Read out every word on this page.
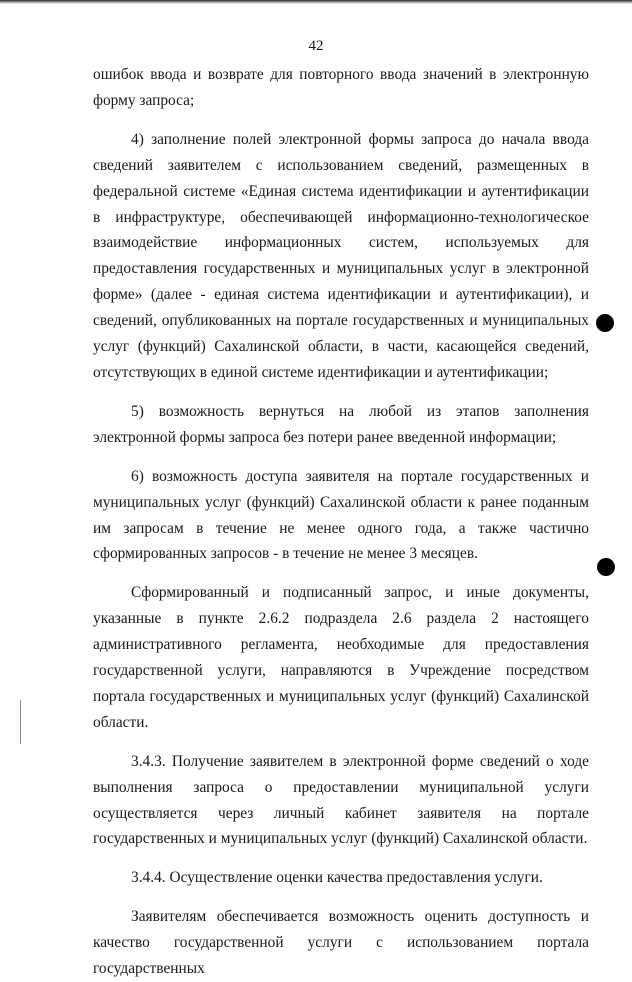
42

ошибок ввода и возврате для повторного ввода значений в электронную форму запроса;

4) заполнение полей электронной формы запроса до начала ввода сведений заявителем с использованием сведений, размещенных в федеральной системе «Единая система идентификации и аутентификации в инфраструктуре, обеспечивающей информационно-технологическое взаимодействие информационных систем, используемых для предоставления государственных и муниципальных услуг в электронной форме» (далее - единая система идентификации и аутентификации), и сведений, опубликованных на портале государственных и муниципальных услуг (функций) Сахалинской области, в части, касающейся сведений, отсутствующих в единой системе идентификации и аутентификации;

5) возможность вернуться на любой из этапов заполнения электронной формы запроса без потери ранее введенной информации;

6) возможность доступа заявителя на портале государственных и муниципальных услуг (функций) Сахалинской области к ранее поданным им запросам в течение не менее одного года, а также частично сформированных запросов - в течение не менее 3 месяцев.

Сформированный и подписанный запрос, и иные документы, указанные в пункте 2.6.2 подраздела 2.6 раздела 2 настоящего административного регламента, необходимые для предоставления государственной услуги, направляются в Учреждение посредством портала государственных и муниципальных услуг (функций) Сахалинской области.

3.4.3. Получение заявителем в электронной форме сведений о ходе выполнения запроса о предоставлении муниципальной услуги осуществляется через личный кабинет заявителя на портале государственных и муниципальных услуг (функций) Сахалинской области.

3.4.4. Осуществление оценки качества предоставления услуги.

Заявителям обеспечивается возможность оценить доступность и качество государственной услуги с использованием портала государственных
